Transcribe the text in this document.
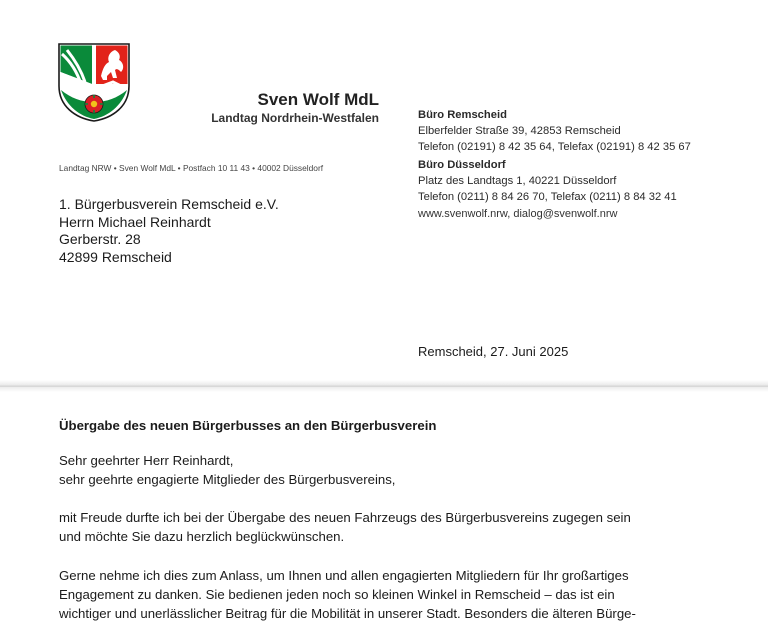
Sven Wolf MdL
Landtag Nordrhein-Westfalen	Büro Remscheid
Elberfelder Straße 39, 42853 Remscheid
Telefon (02191) 8 42 35 64, Telefax (02191) 8 42 35 67
Büro Düsseldorf
Platz des Landtags 1, 40221 Düsseldorf
Telefon (0211) 8 84 26 70, Telefax (0211) 8 84 32 41
www.svenwolf.nrw, dialog@svenwolf.nrw
Landtag NRW • Sven Wolf MdL • Postfach 10 11 43 • 40002 Düsseldorf
1. Bürgerbusverein Remscheid e.V.
Herrn Michael Reinhardt
Gerberstr. 28
42899 Remscheid
Remscheid, 27. Juni 2025
Übergabe des neuen Bürgerbusses an den Bürgerbusverein
Sehr geehrter Herr Reinhardt,
sehr geehrte engagierte Mitglieder des Bürgerbusvereins,
mit Freude durfte ich bei der Übergabe des neuen Fahrzeugs des Bürgerbusvereins zugegen sein
und möchte Sie dazu herzlich beglückwünschen.
Gerne nehme ich dies zum Anlass, um Ihnen und allen engagierten Mitgliedern für Ihr großartiges
Engagement zu danken. Sie bedienen jeden noch so kleinen Winkel in Remscheid – das ist ein
wichtiger und unerlässlicher Beitrag für die Mobilität in unserer Stadt. Besonders die älteren Bürge-
